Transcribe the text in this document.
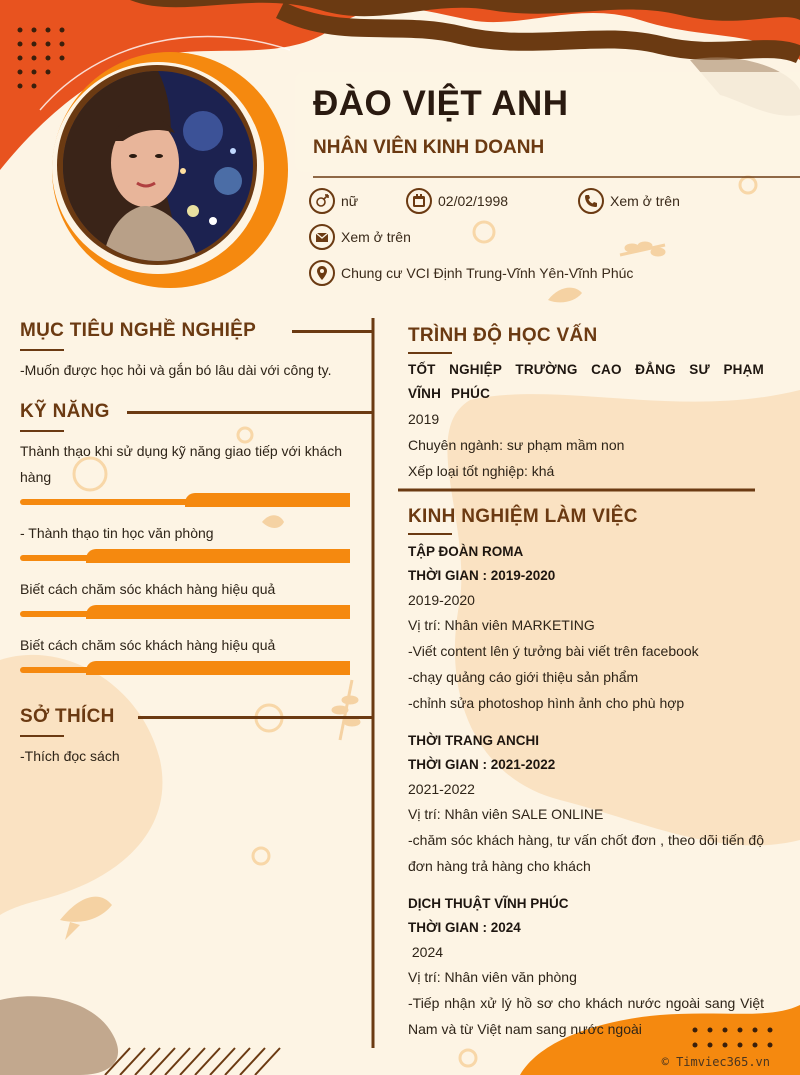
ĐÀO VIỆT ANH
NHÂN VIÊN KINH DOANH
nữ	02/02/1998	Xem ở trên
Xem ở trên
Chung cư VCI Định Trung-Vĩnh Yên-Vĩnh Phúc
MỤC TIÊU NGHỀ NGHIỆP
-Muốn được học hỏi và gắn bó lâu dài với công ty.
KỸ NĂNG
Thành thạo khi sử dụng kỹ năng giao tiếp với khách hàng
- Thành thạo tin học văn phòng
Biết cách chăm sóc khách hàng hiệu quả
Biết cách chăm sóc khách hàng hiệu quả
SỞ THÍCH
-Thích đọc sách
TRÌNH ĐỘ HỌC VẤN
TỐT NGHIỆP TRƯỜNG CAO ĐẲNG SƯ PHẠM VĨNH PHÚC
2019
Chuyên ngành: sư phạm mầm non
Xếp loại tốt nghiệp: khá
KINH NGHIỆM LÀM VIỆC
TẬP ĐOÀN ROMA
THỜI GIAN : 2019-2020
2019-2020
Vị trí: Nhân viên MARKETING
-Viết content lên ý tưởng bài viết trên facebook
-chạy quảng cáo giới thiệu sản phẩm
-chỉnh sửa photoshop hình ảnh cho phù hợp
THỜI TRANG ANCHI
THỜI GIAN : 2021-2022
2021-2022
Vị trí: Nhân viên SALE ONLINE
-chăm sóc khách hàng, tư vấn chốt đơn , theo dõi tiến độ đơn hàng trả hàng cho khách
DỊCH THUẬT VĨNH PHÚC
THỜI GIAN : 2024
2024
Vị trí: Nhân viên văn phòng
-Tiếp nhận xử lý hồ sơ cho khách nước ngoài sang Việt Nam và từ Việt nam sang nước ngoài
© Timviec365.vn
